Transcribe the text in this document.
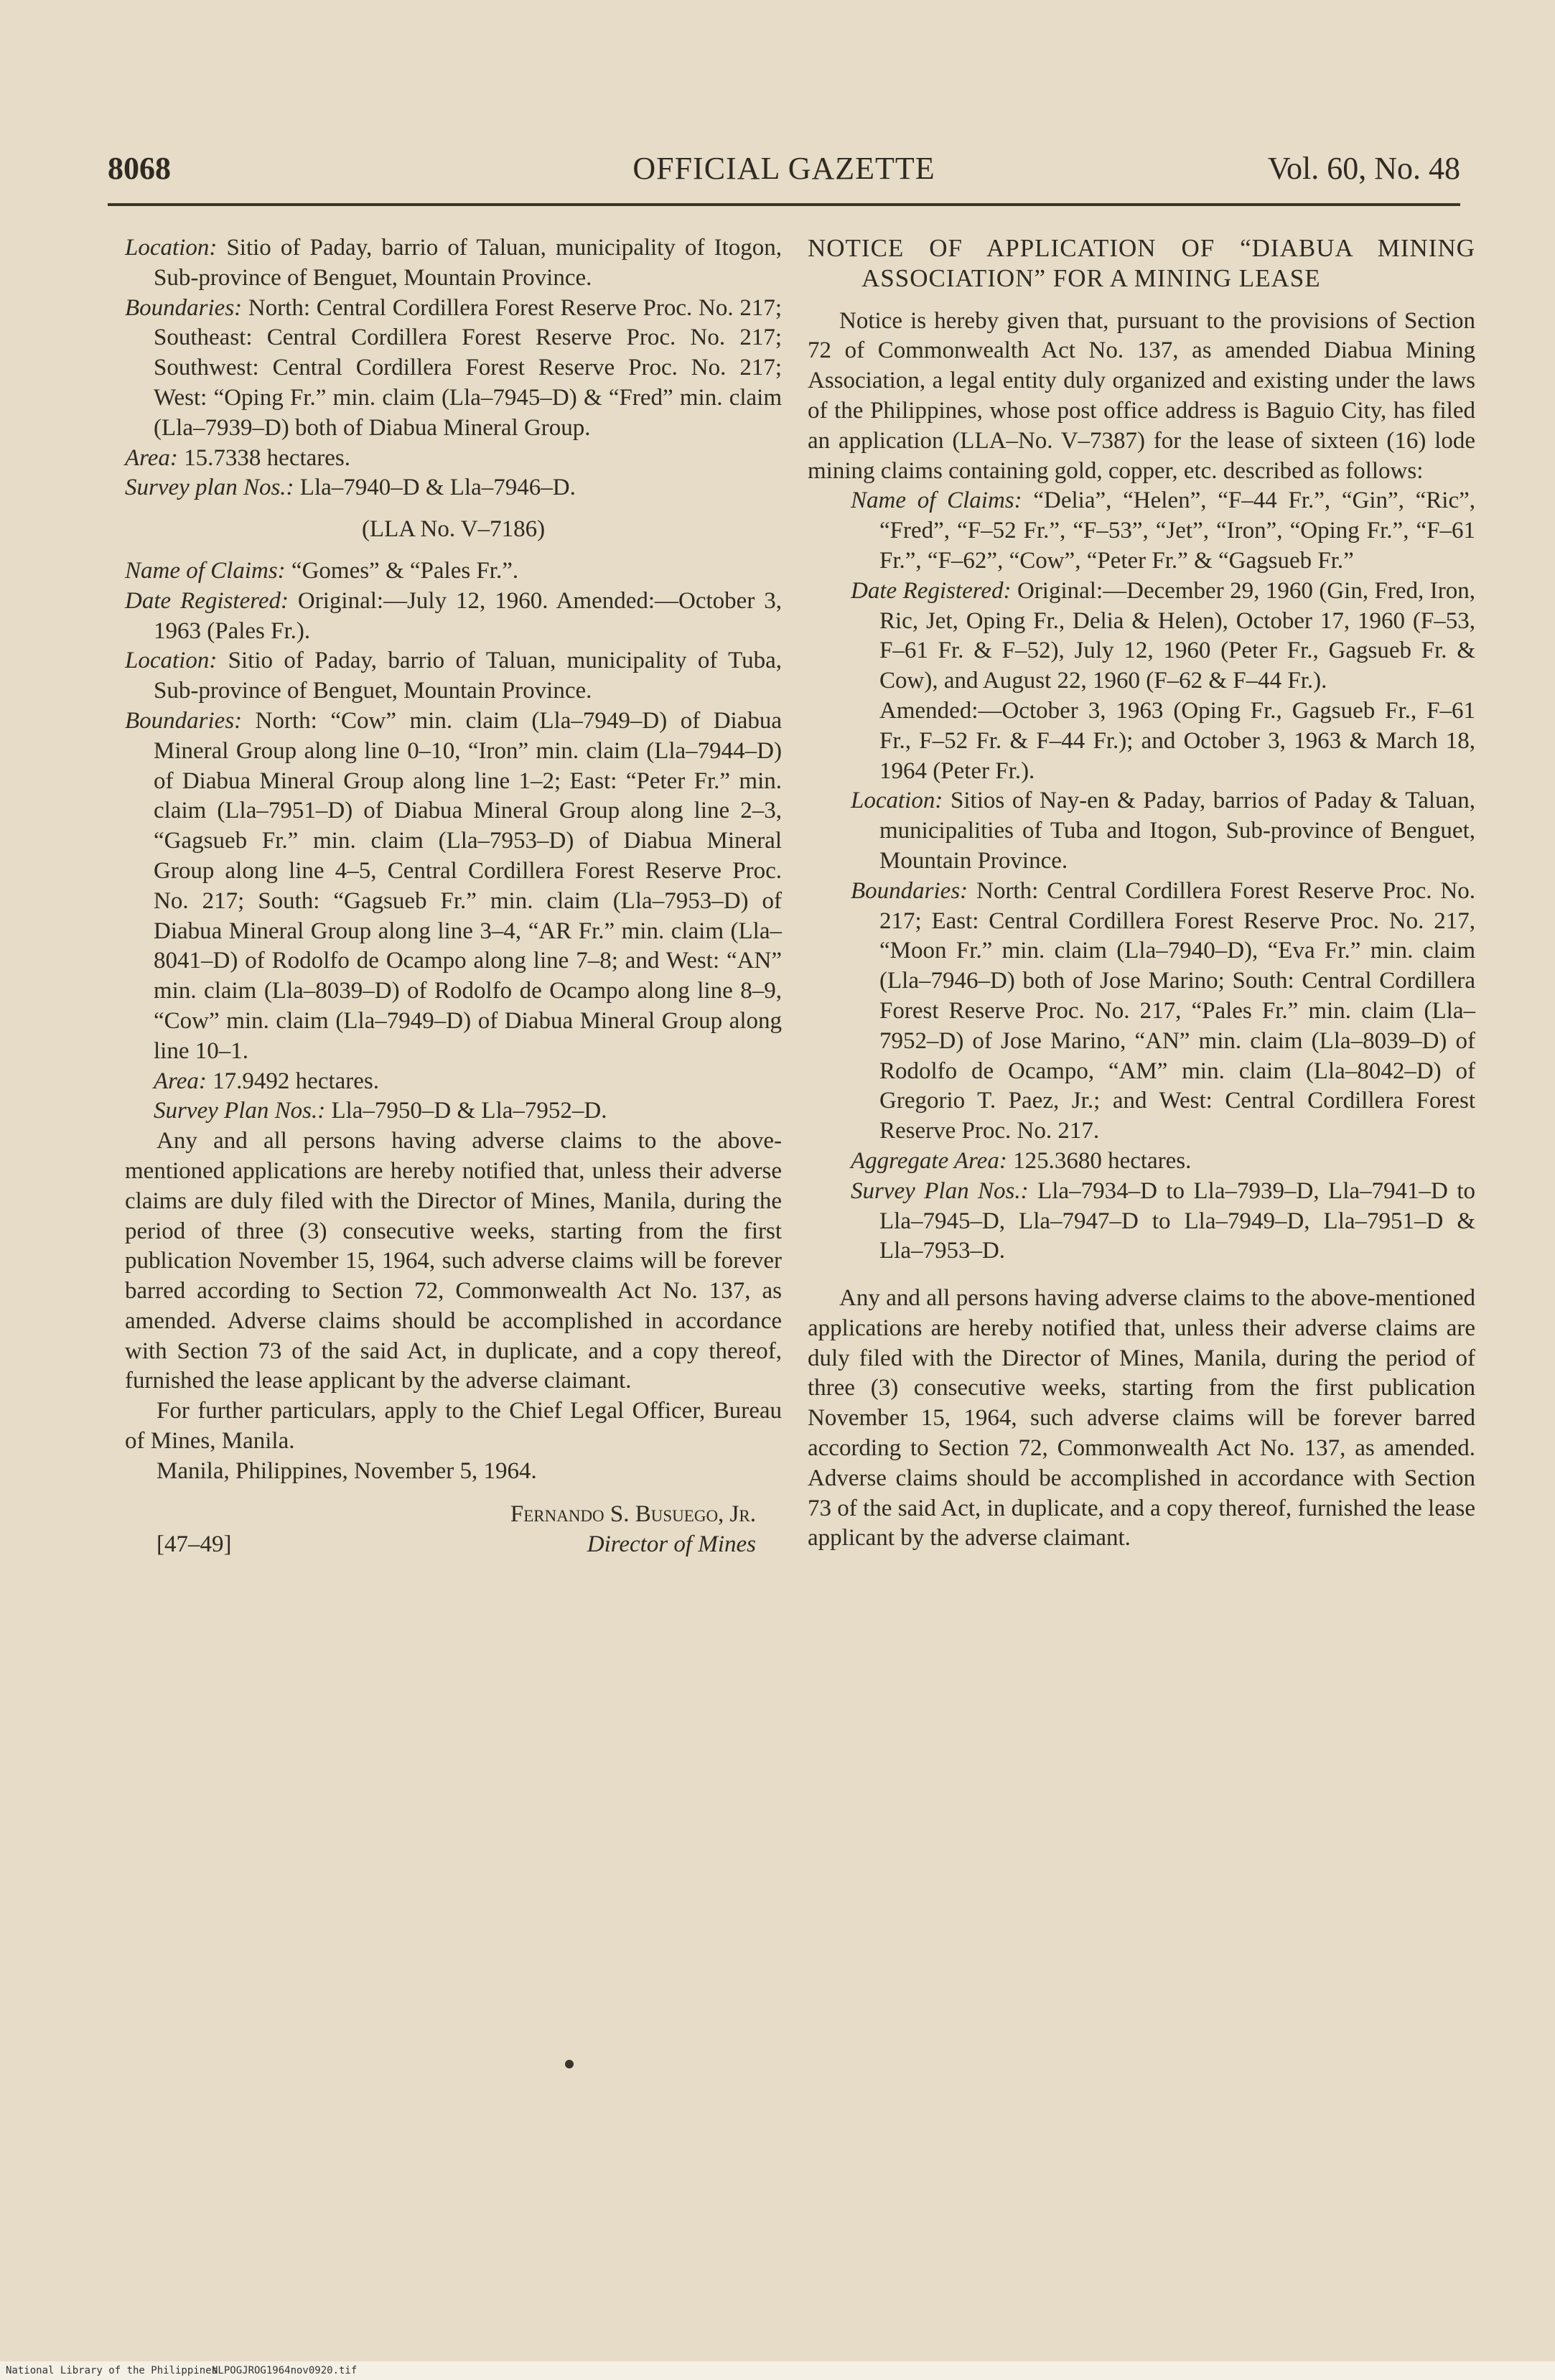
OFFICIAL GAZETTE
8068	Vol. 60, No. 48

Location: Sitio of Paday, barrio of Taluan, municipality of Itogon, Sub-province of Benguet, Mountain Province.

Boundaries: North: Central Cordillera Forest Reserve Proc. No. 217; Southeast: Central Cordillera Forest Reserve Proc. No. 217; Southwest: Central Cordillera Forest Reserve Proc. No. 217; West: “Oping Fr.” min. claim (Lla–7945–D) & “Fred” min. claim (Lla–7939–D) both of Diabua Mineral Group.

Area: 15.7338 hectares.

Survey plan Nos.: Lla–7940–D & Lla–7946–D.

(LLA No. V–7186)

Name of Claims: “Gomes” & “Pales Fr.”.

Date Registered: Original:—July 12, 1960. Amended:—October 3, 1963 (Pales Fr.).

Location: Sitio of Paday, barrio of Taluan, municipality of Tuba, Sub-province of Benguet, Mountain Province.

Boundaries: North: “Cow” min. claim (Lla–7949–D) of Diabua Mineral Group along line 0–10, “Iron” min. claim (Lla–7944–D) of Diabua Mineral Group along line 1–2; East: “Peter Fr.” min. claim (Lla–7951–D) of Diabua Mineral Group along line 2–3, “Gagsueb Fr.” min. claim (Lla–7953–D) of Diabua Mineral Group along line 4–5, Central Cordillera Forest Reserve Proc. No. 217; South: “Gagsueb Fr.” min. claim (Lla–7953–D) of Diabua Mineral Group along line 3–4, “AR Fr.” min. claim (Lla–8041–D) of Rodolfo de Ocampo along line 7–8; and West: “AN” min. claim (Lla–8039–D) of Rodolfo de Ocampo along line 8–9, “Cow” min. claim (Lla–7949–D) of Diabua Mineral Group along line 10–1.

Area: 17.9492 hectares.

Survey Plan Nos.: Lla–7950–D & Lla–7952–D.

Any and all persons having adverse claims to the above-mentioned applications are hereby notified that, unless their adverse claims are duly filed with the Director of Mines, Manila, during the period of three (3) consecutive weeks, starting from the first publication November 15, 1964, such adverse claims will be forever barred according to Section 72, Commonwealth Act No. 137, as amended. Adverse claims should be accomplished in accordance with Section 73 of the said Act, in duplicate, and a copy thereof, furnished the lease applicant by the adverse claimant.

For further particulars, apply to the Chief Legal Officer, Bureau of Mines, Manila.

Manila, Philippines, November 5, 1964.

Fernando S. Busuego, Jr.
Director of Mines
[47–49]

NOTICE OF APPLICATION OF “DIABUA MINING ASSOCIATION” FOR A MINING LEASE

Notice is hereby given that, pursuant to the provisions of Section 72 of Commonwealth Act No. 137, as amended Diabua Mining Association, a legal entity duly organized and existing under the laws of the Philippines, whose post office address is Baguio City, has filed an application (LLA–No. V–7387) for the lease of sixteen (16) lode mining claims containing gold, copper, etc. described as follows:

Name of Claims: “Delia”, “Helen”, “F–44 Fr.”, “Gin”, “Ric”, “Fred”, “F–52 Fr.”, “F–53”, “Jet”, “Iron”, “Oping Fr.”, “F–61 Fr.”, “F–62”, “Cow”, “Peter Fr.” & “Gagsueb Fr.”

Date Registered: Original:—December 29, 1960 (Gin, Fred, Iron, Ric, Jet, Oping Fr., Delia & Helen), October 17, 1960 (F–53, F–61 Fr. & F–52), July 12, 1960 (Peter Fr., Gagsueb Fr. & Cow), and August 22, 1960 (F–62 & F–44 Fr.).

Amended:—October 3, 1963 (Oping Fr., Gagsueb Fr., F–61 Fr., F–52 Fr. & F–44 Fr.); and October 3, 1963 & March 18, 1964 (Peter Fr.).

Location: Sitios of Nay-en & Paday, barrios of Paday & Taluan, municipalities of Tuba and Itogon, Sub-province of Benguet, Mountain Province.

Boundaries: North: Central Cordillera Forest Reserve Proc. No. 217; East: Central Cordillera Forest Reserve Proc. No. 217, “Moon Fr.” min. claim (Lla–7940–D), “Eva Fr.” min. claim (Lla–7946–D) both of Jose Marino; South: Central Cordillera Forest Reserve Proc. No. 217, “Pales Fr.” min. claim (Lla–7952–D) of Jose Marino, “AN” min. claim (Lla–8039–D) of Rodolfo de Ocampo, “AM” min. claim (Lla–8042–D) of Gregorio T. Paez, Jr.; and West: Central Cordillera Forest Reserve Proc. No. 217.

Aggregate Area: 125.3680 hectares.

Survey Plan Nos.: Lla–7934–D to Lla–7939–D, Lla–7941–D to Lla–7945–D, Lla–7947–D to Lla–7949–D, Lla–7951–D & Lla–7953–D.

Any and all persons having adverse claims to the above-mentioned applications are hereby notified that, unless their adverse claims are duly filed with the Director of Mines, Manila, during the period of three (3) consecutive weeks, starting from the first publication November 15, 1964, such adverse claims will be forever barred according to Section 72, Commonwealth Act No. 137, as amended. Adverse claims should be accomplished in accordance with Section 73 of the said Act, in duplicate, and a copy thereof, furnished the lease applicant by the adverse claimant.

National Library of the Philippines
NLPOGJROG1964nov0920.tif
